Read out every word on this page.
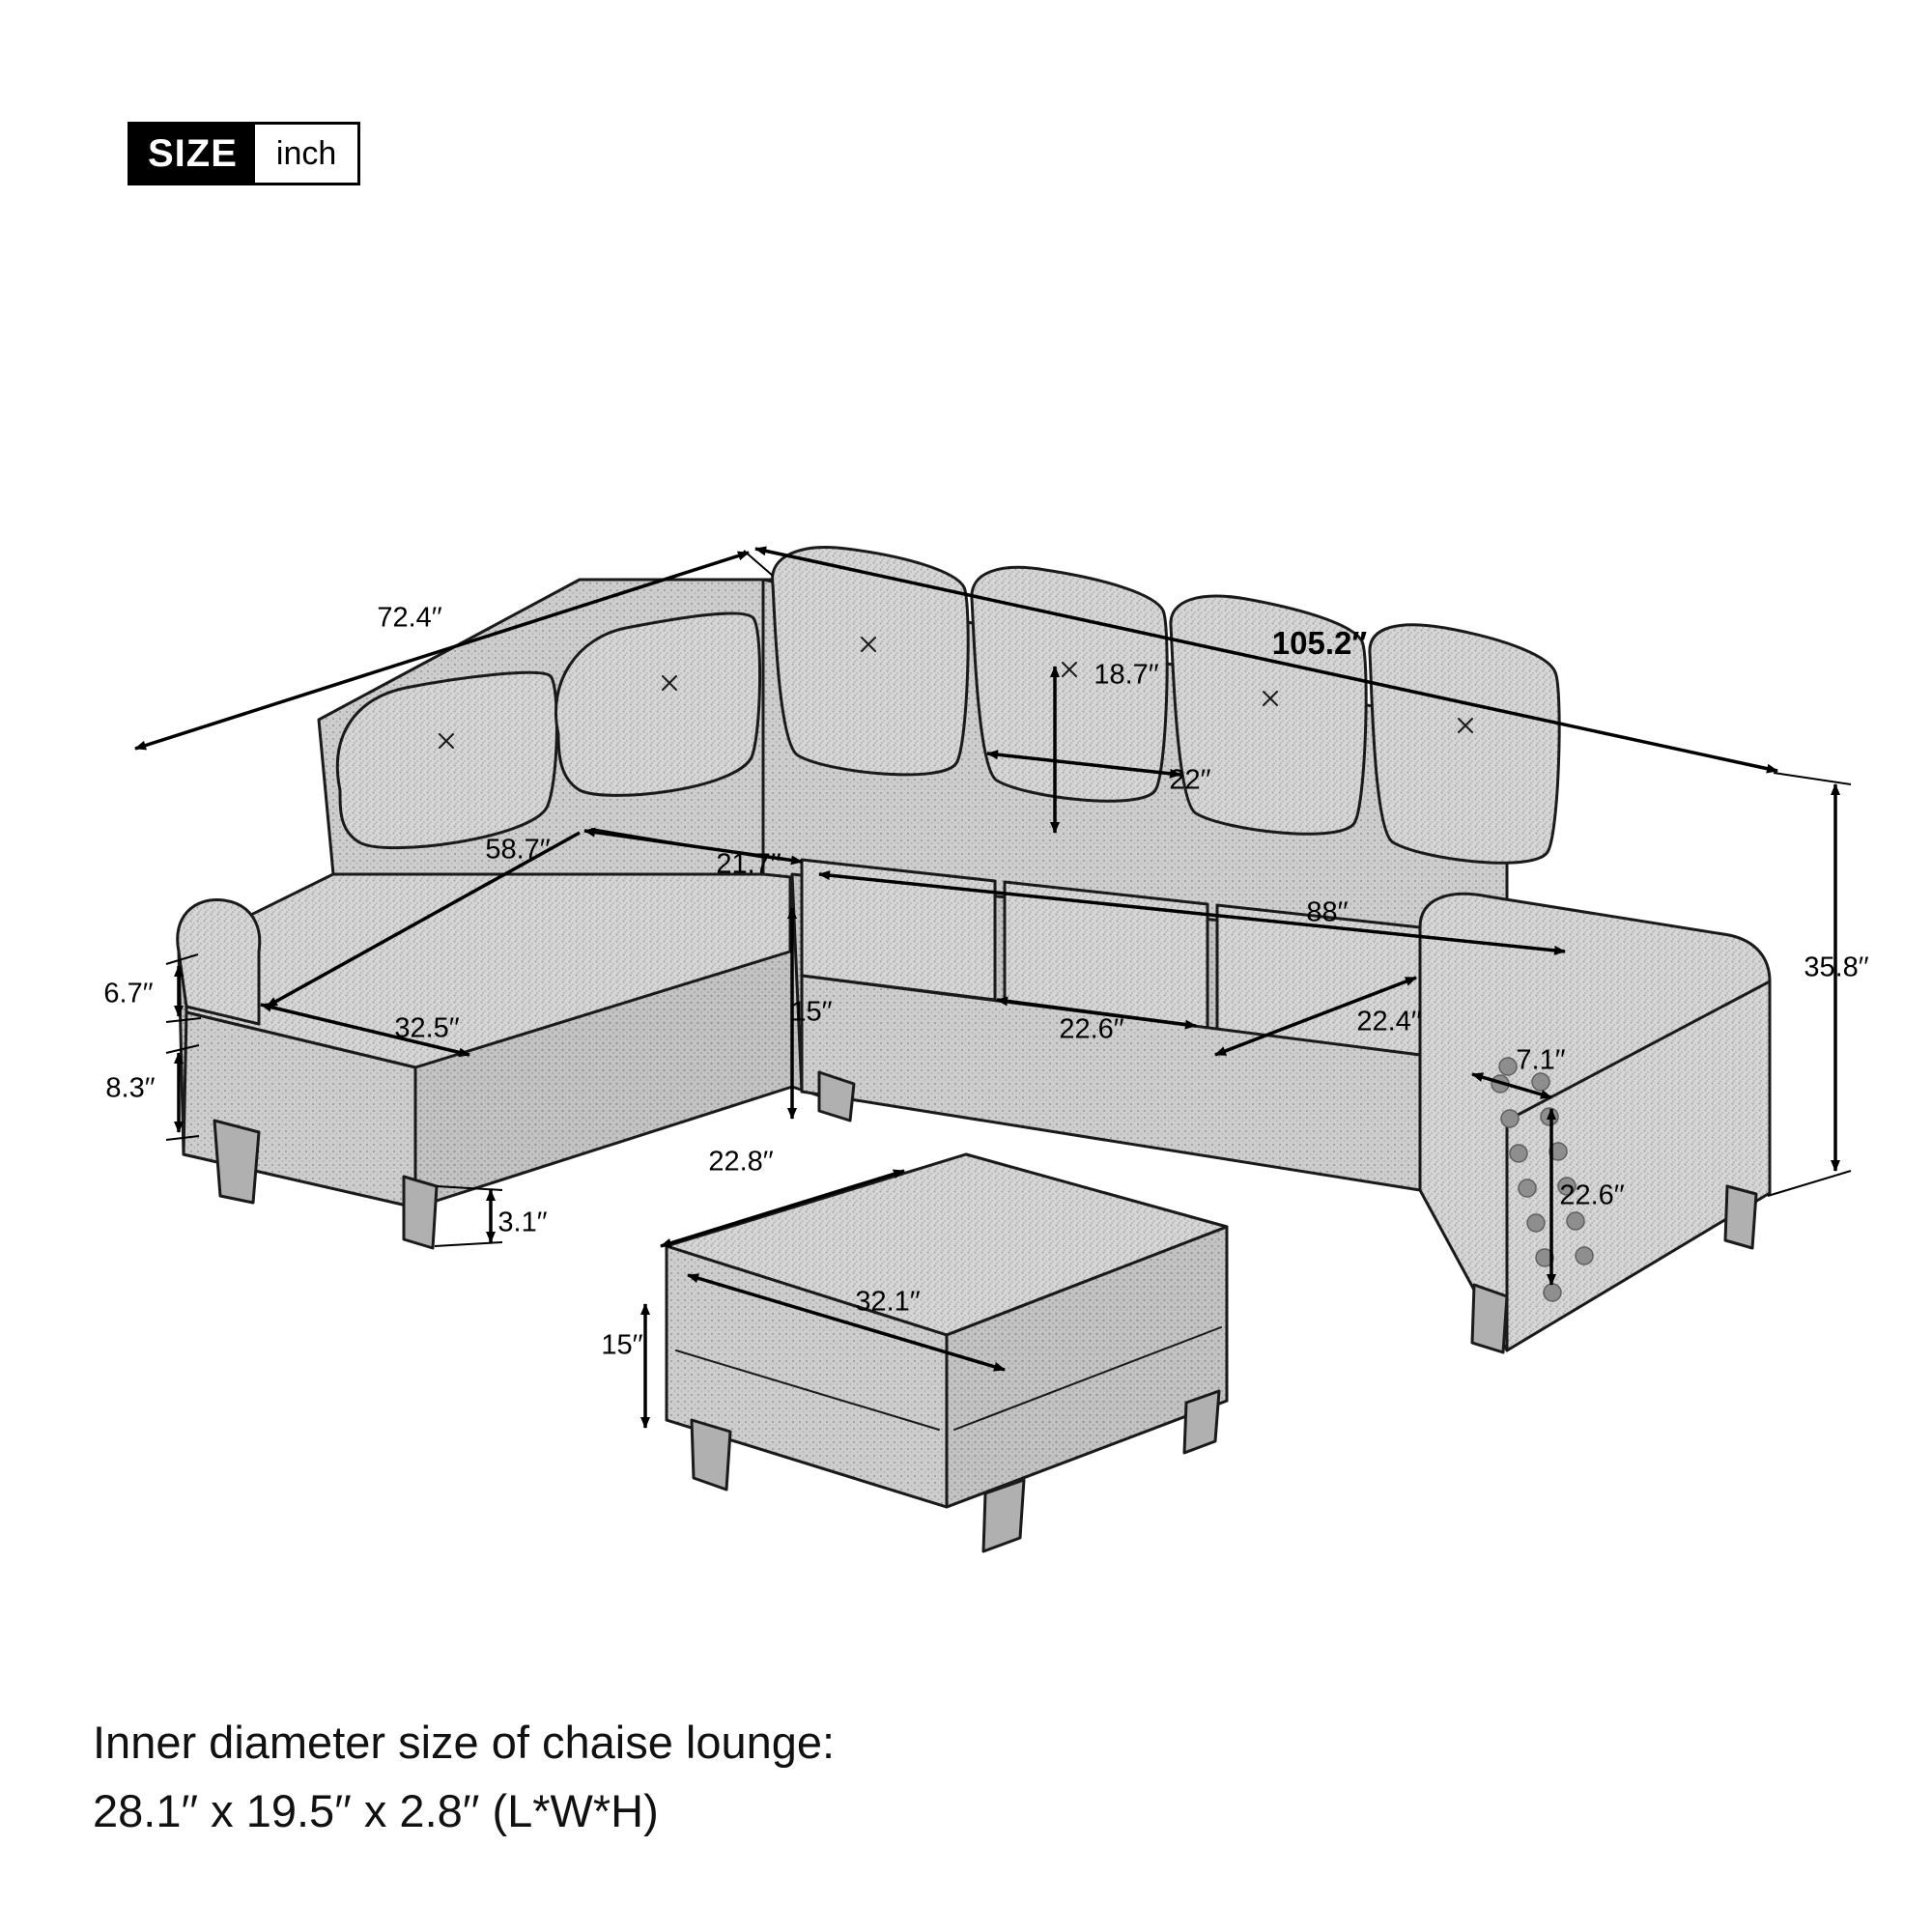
SIZE	inch
72.4′′
105.2′′
18.7′′
22′′
58.7′′	21.7′′
88′′
35.8′′
6.7′′
15′′
32.5′′	22.6′′	22.4′′
8.3′′
7.1′′
22.6′′
3.1′′
22.8′′
32.1′′
15′′
Inner diameter size of chaise lounge:
28.1′′ x 19.5′′ x 2.8′′ (L*W*H)
